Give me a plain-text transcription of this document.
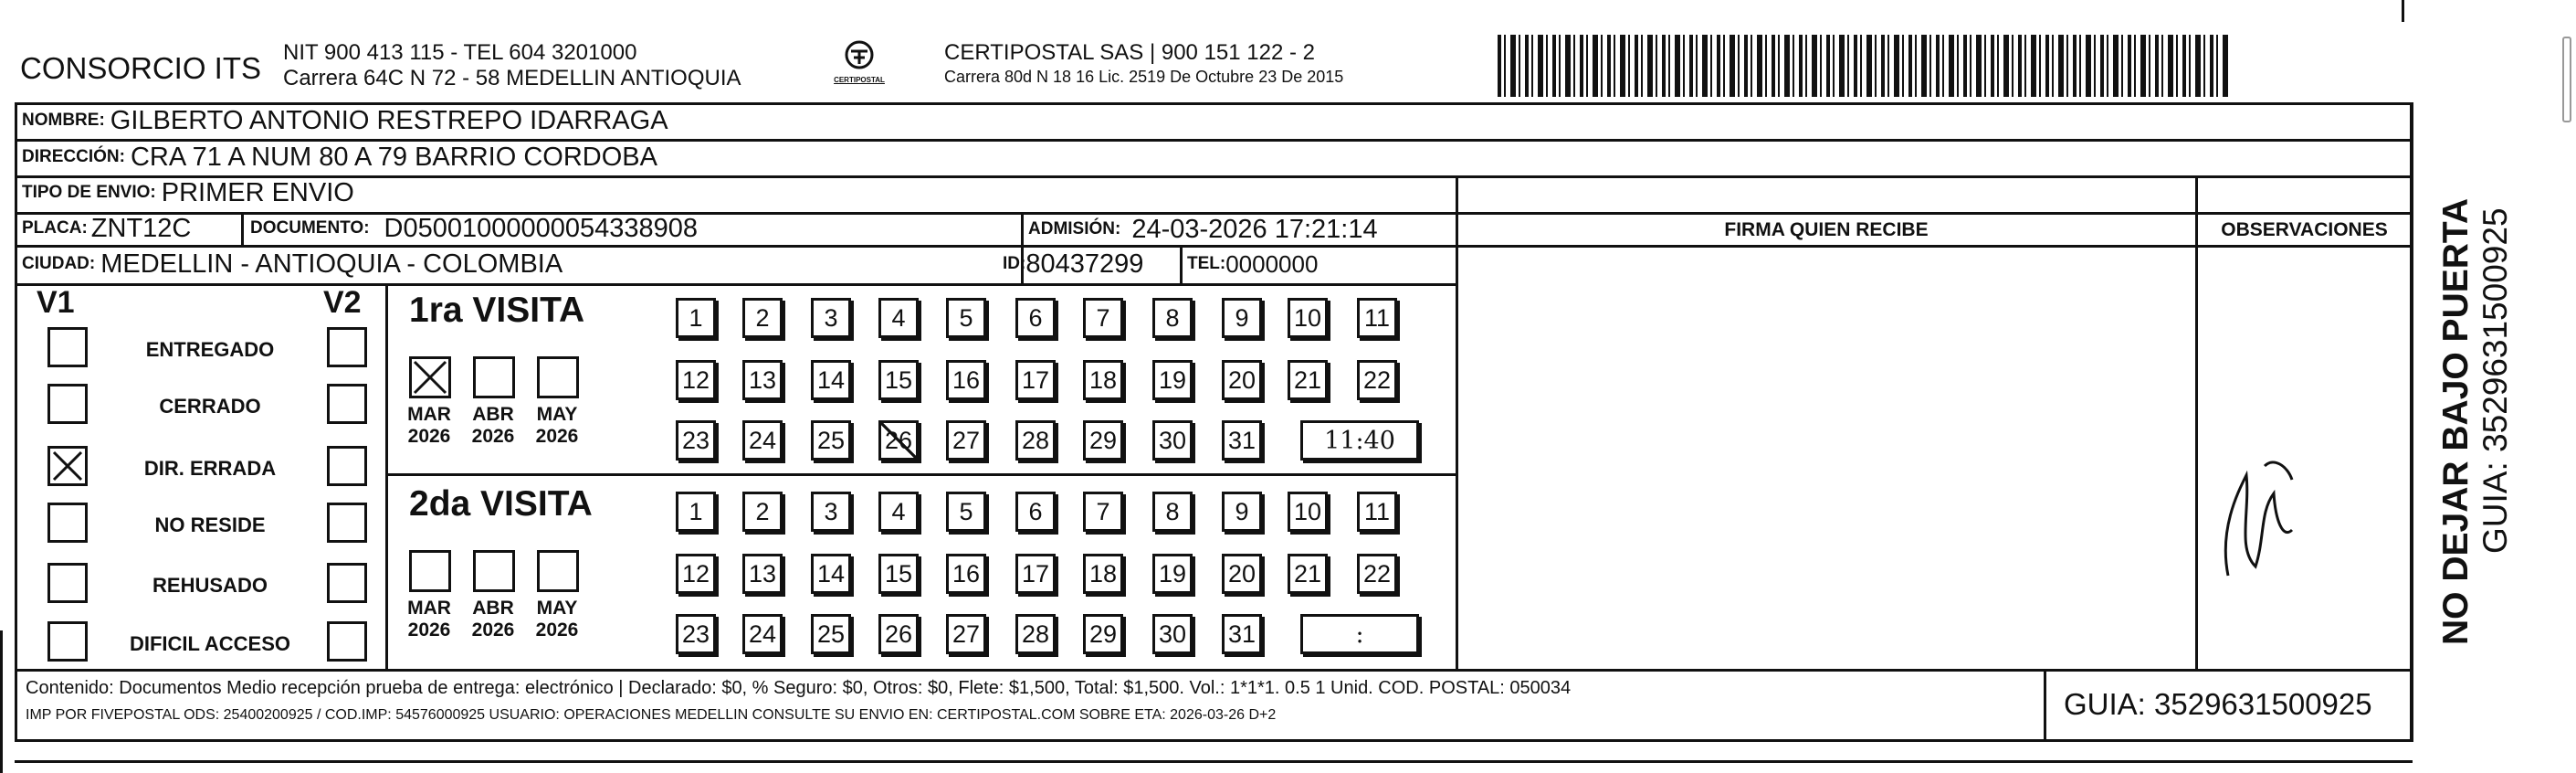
CONSORCIO ITS NIT 900 413 115 - TEL 604 3201000
Carrera 64C N 72 - 58 MEDELLIN ANTIOQUIA	CERTIPOSTAL
CERTIPOSTAL SAS | 900 151 122 - 2
Carrera 80d N 18 16 Lic. 2519 De Octubre 23 De 2015
NOMBRE: GILBERTO ANTONIO RESTREPO IDARRAGA
DIRECCIÓN: CRA 71 A NUM 80 A 79 BARRIO CORDOBA
TIPO DE ENVIO: PRIMER ENVIO
PLACA: ZNT12C	DOCUMENTO: D05001000000054338908	ADMISIÓN: 24-03-2026 17:21:14
CIUDAD: MEDELLIN - ANTIOQUIA - COLOMBIA	ID: 80437299	TEL: 0000000
FIRMA QUIEN RECIBE	OBSERVACIONES
V1	V2
ENTREGADO
CERRADO
DIR. ERRADA
NO RESIDE
REHUSADO
DIFICIL ACCESO
1ra VISITA
MAR
2026
ABR
2026
MAY
2026
1	2	3	4	5	6	7	8	9	10 11
12 13 14 15 16 17 18 19 20 21 22
23 24 25 26 27 28 29 30 31	11:40
2da VISITA
MAR
2026
ABR
2026
MAY
2026
1	2	3	4	5	6	7	8	9	10 11
12 13 14 15 16 17 18 19 20 21 22
23 24 25 26 27 28 29 30 31	:	NO DEJAR BAJO PUERTA GUIA: 3529631500925
Contenido: Documentos Medio recepción prueba de entrega: electrónico | Declarado: $0, % Seguro: $0, Otros: $0, Flete: $1,500, Total: $1,500. Vol.: 1*1*1. 0.5 1 Unid. COD. POSTAL: 050034
IMP POR FIVEPOSTAL ODS: 25400200925 / COD.IMP: 54576000925 USUARIO: OPERACIONES MEDELLIN CONSULTE SU ENVIO EN: CERTIPOSTAL.COM SOBRE ETA: 2026-03-26 D+2	GUIA: 3529631500925
